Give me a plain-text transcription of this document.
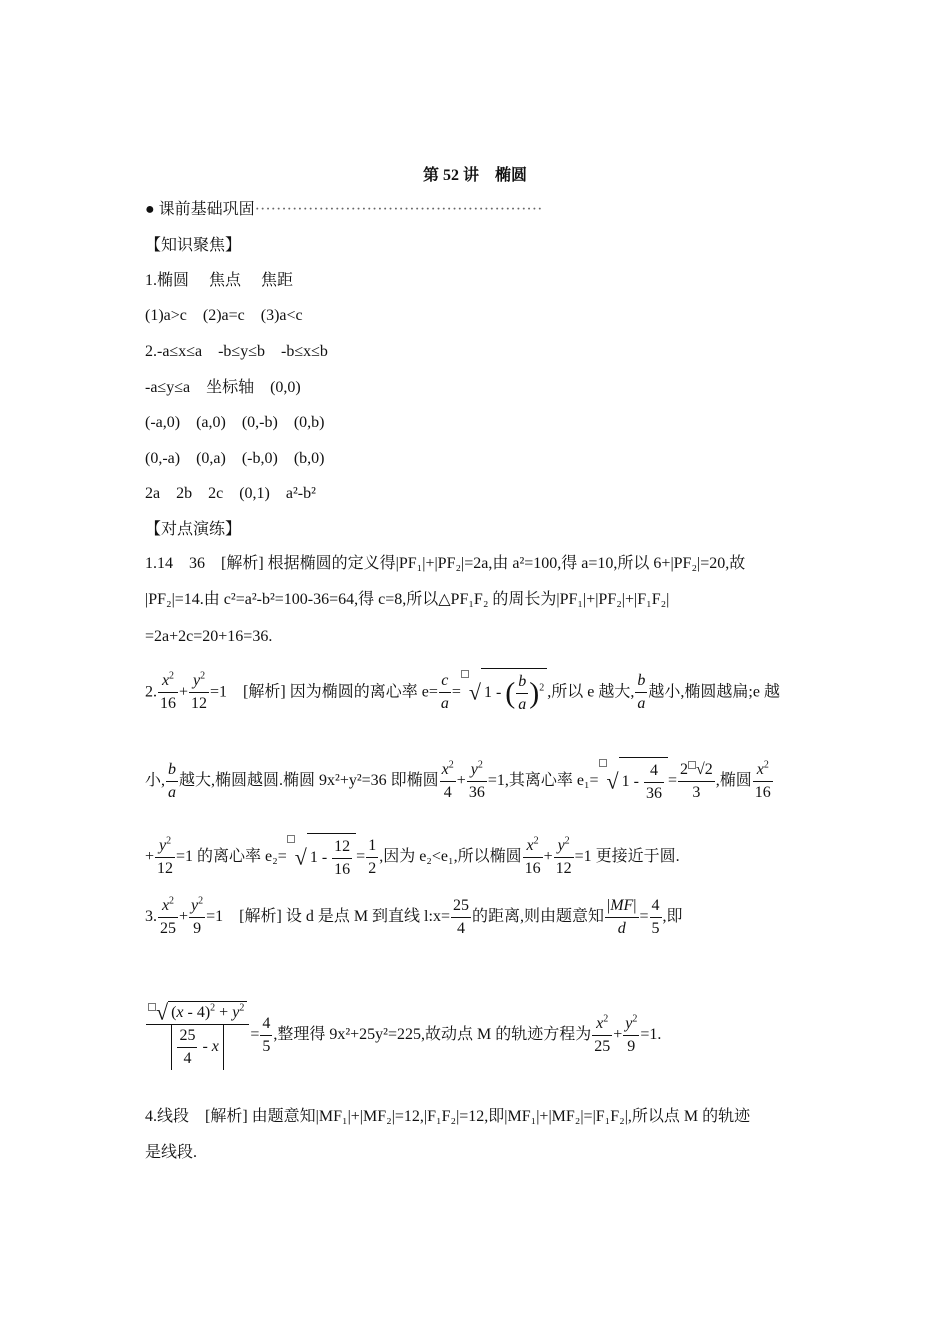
第 52 讲　椭圆
● 课前基础巩固······················································
【知识聚焦】
1.椭圆　 焦点　 焦距
(1)a>c　(2)a=c　(3)a<c
2.-a≤x≤a　-b≤y≤b　-b≤x≤b
-a≤y≤a　坐标轴　(0,0)
(-a,0)　(a,0)　(0,-b)　(0,b)
(0,-a)　(0,a)　(-b,0)　(b,0)
2a　2b　2c　(0,1)　a²-b²
【对点演练】
1.14　36　[解析] 根据椭圆的定义得|PF₁|+|PF₂|=2a,由 a²=100,得 a=10,所以 6+|PF₂|=20,故
|PF₂|=14.由 c²=a²-b²=100-36=64,得 c=8,所以△PF₁F₂ 的周长为|PF₁|+|PF₂|+|F₁F₂|
=2a+2c=20+16=36.
2. $\frac{x^2}{16} + \frac{y^2}{12} =1$　[解析] 因为椭圆的离心率 $e= \frac{c}{a}$ = √ 1 - ( $\frac{b}{a} )^2$ ,所以 e 越大, $\frac{b}{a}$ 越小,椭圆越扁;e 越
小, $\frac{b}{a}$ 越大,椭圆越圆.椭圆 9x²+y²=36 即椭圆 $\frac{x^2}{4} + \frac{y^2}{36} =1$,其离心率 e₁= √ $1 - \frac{4}{36} = \frac{2 √2}{3}$ ,椭圆 $\frac{x^2}{16}$
+ $\frac{y^2}{12} =1$ 的离心率 e₂= √ $1 - \frac{12}{16} = \frac{1}{2}$ ,因为 e₂<e₁,所以椭圆 $\frac{x^2}{16} + \frac{y^2}{12} =1$ 更接近于圆.
3. $\frac{x^2}{25} + \frac{y^2}{9} =1$　[解析] 设 d 是点 M 到直线 l:x= $\frac{25}{4}$ 的距离,则由题意知 $\frac{|MF|}{d} = \frac{4}{5}$ ,即
$\frac{√ (x - 4)^2 + y^2}{\frac{25}{4} - x} = \frac{4}{5}$ ,整理得 9x²+25y²=225,故动点 M 的轨迹方程为 $\frac{x^2}{25} + \frac{y^2}{9} =1$.
4.线段　[解析] 由题意知|MF₁|+|MF₂|=12,|F₁F₂|=12,即|MF₁|+|MF₂|=|F₁F₂|,所以点 M 的轨迹
是线段.
